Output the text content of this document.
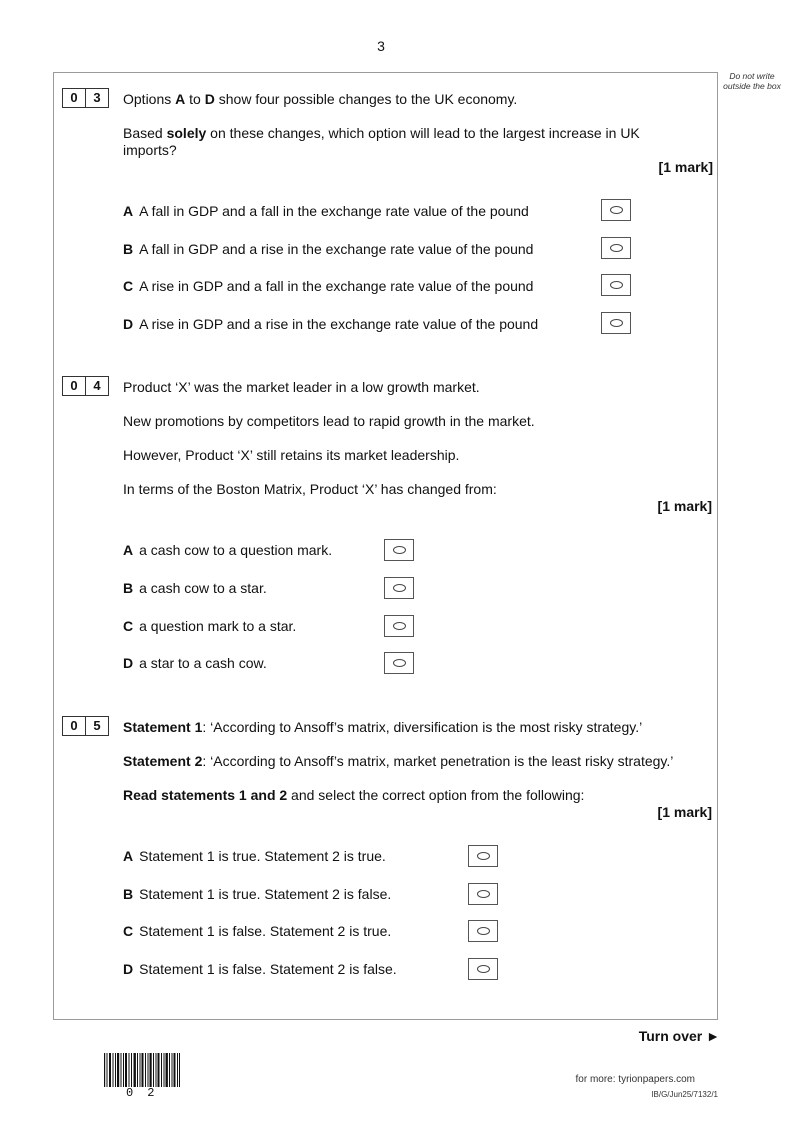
3
Do not write outside the box
0	3	Options A to D show four possible changes to the UK economy.
Based solely on these changes, which option will lead to the largest increase in UK
imports?
[1 mark]
A A fall in GDP and a fall in the exchange rate value of the pound
B A fall in GDP and a rise in the exchange rate value of the pound
C A rise in GDP and a fall in the exchange rate value of the pound
D A rise in GDP and a rise in the exchange rate value of the pound
0	4	Product ‘X’ was the market leader in a low growth market.
New promotions by competitors lead to rapid growth in the market.
However, Product ‘X’ still retains its market leadership.
In terms of the Boston Matrix, Product ‘X’ has changed from:
[1 mark]
A a cash cow to a question mark.
B a cash cow to a star.
C a question mark to a star.
D a star to a cash cow.
0	5	Statement 1: ‘According to Ansoff’s matrix, diversification is the most risky strategy.’
Statement 2: ‘According to Ansoff’s matrix, market penetration is the least risky strategy.’
Read statements 1 and 2 and select the correct option from the following:
[1 mark]
A Statement 1 is true. Statement 2 is true.
B Statement 1 is true. Statement 2 is false.
C Statement 1 is false. Statement 2 is true.
D Statement 1 is false. Statement 2 is false.
Turn over ►
02
for more: tyrionpapers.com
IB/G/Jun25/7132/1
